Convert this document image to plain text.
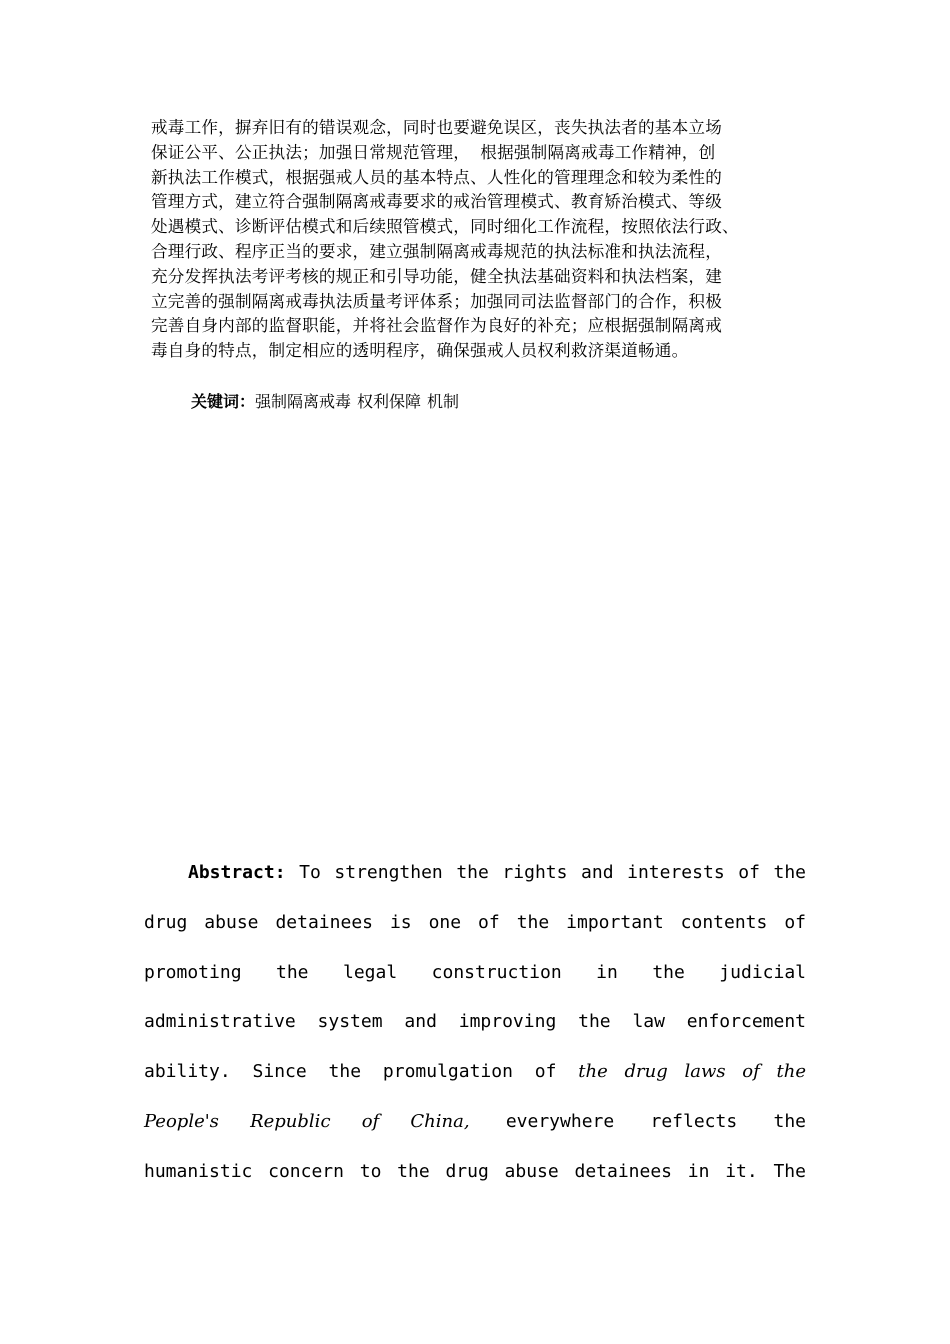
戒毒工作，摒弃旧有的错误观念，同时也要避免误区，丧失执法者的基本立场
保证公平、公正执法；加强日常规范管理， 根据强制隔离戒毒工作精神，创
新执法工作模式，根据强戒人员的基本特点、人性化的管理理念和较为柔性的
管理方式，建立符合强制隔离戒毒要求的戒治管理模式、教育矫治模式、等级
处遇模式、诊断评估模式和后续照管模式，同时细化工作流程，按照依法行政、
合理行政、程序正当的要求，建立强制隔离戒毒规范的执法标准和执法流程，
充分发挥执法考评考核的规正和引导功能，健全执法基础资料和执法档案，建
立完善的强制隔离戒毒执法质量考评体系；加强同司法监督部门的合作，积极
完善自身内部的监督职能，并将社会监督作为良好的补充；应根据强制隔离戒
毒自身的特点，制定相应的透明程序，确保强戒人员权利救济渠道畅通。
关键词：强制隔离戒毒 权利保障 机制
Abstract: To strengthen the rights and interests of the
drug abuse detainees is one of the important contents of
promoting the legal construction in the judicial
administrative system and improving the law enforcement
ability. Since the promulgation of the drug laws of the
People's Republic of China, everywhere reflects the
humanistic concern to the drug abuse detainees in it. The
